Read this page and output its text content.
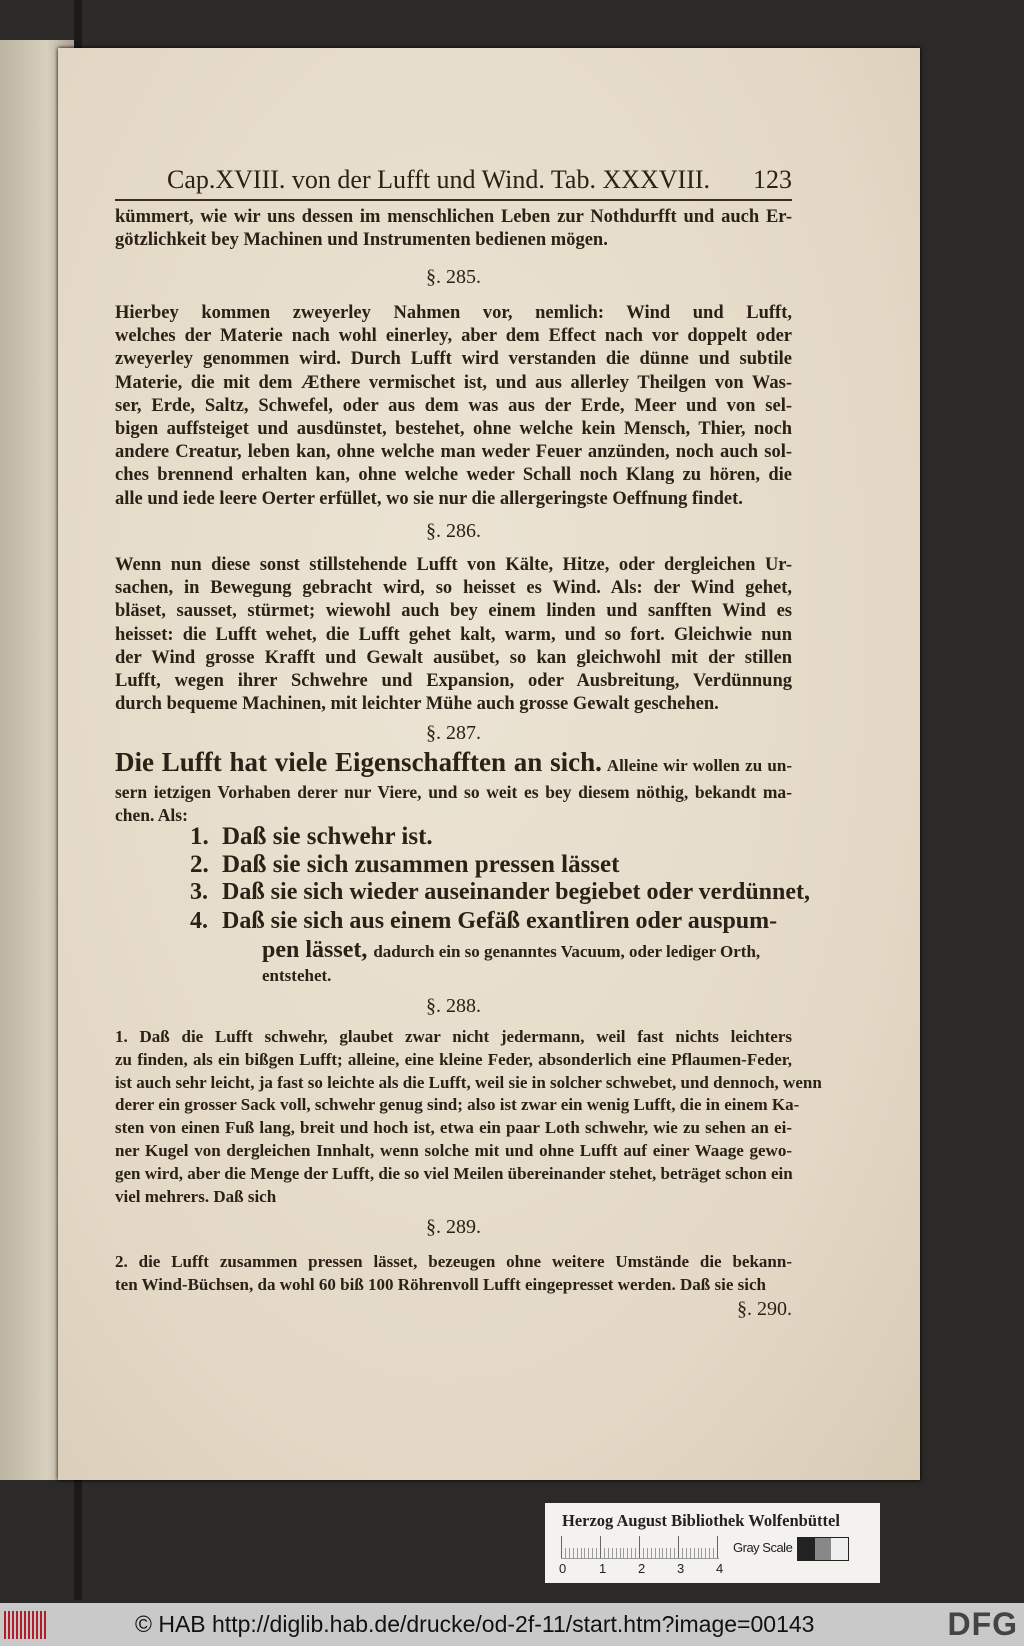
Cap.XVIII. von der Lufft und Wind. Tab. XXXVIII. 123
kümmert, wie wir uns dessen im menschlichen Leben zur Nothdurfft und auch Er-
götzlichkeit bey Machinen und Instrumenten bedienen mögen.
§. 285.
Hierbey kommen zweyerley Nahmen vor, nemlich: Wind und Lufft,
welches der Materie nach wohl einerley, aber dem Effect nach vor doppelt oder
zweyerley genommen wird. Durch Lufft wird verstanden die dünne und subtile
Materie, die mit dem Æthere vermischet ist, und aus allerley Theilgen von Was-
ser, Erde, Saltz, Schwefel, oder aus dem was aus der Erde, Meer und von sel-
bigen auffsteiget und ausdünstet, bestehet, ohne welche kein Mensch, Thier, noch
andere Creatur, leben kan, ohne welche man weder Feuer anzünden, noch auch sol-
ches brennend erhalten kan, ohne welche weder Schall noch Klang zu hören, die
alle und iede leere Oerter erfüllet, wo sie nur die allergeringste Oeffnung findet.
§. 286.
Wenn nun diese sonst stillstehende Lufft von Kälte, Hitze, oder dergleichen Ur-
sachen, in Bewegung gebracht wird, so heisset es Wind. Als: der Wind gehet,
bläset, sausset, stürmet; wiewohl auch bey einem linden und sanfften Wind es
heisset: die Lufft wehet, die Lufft gehet kalt, warm, und so fort. Gleichwie nun
der Wind grosse Krafft und Gewalt ausübet, so kan gleichwohl mit der stillen
Lufft, wegen ihrer Schwehre und Expansion, oder Ausbreitung, Verdünnung
durch bequeme Machinen, mit leichter Mühe auch grosse Gewalt geschehen.
§. 287.
Die Lufft hat viele Eigenschafften an sich. Alleine wir wollen zu un-
sern ietzigen Vorhaben derer nur Viere, und so weit es bey diesem nöthig, bekandt ma-
chen. Als:
1. Daß sie schwehr ist.
2. Daß sie sich zusammen pressen lässet
3. Daß sie sich wieder auseinander begiebet oder verdünnet,
4. Daß sie sich aus einem Gefäß exantliren oder auspum-
pen lässet, dadurch ein so genanntes Vacuum, oder lediger Orth,
entstehet.
§. 288.
1. Daß die Lufft schwehr, glaubet zwar nicht jedermann, weil fast nichts leichters
zu finden, als ein bißgen Lufft; alleine, eine kleine Feder, absonderlich eine Pflaumen-Feder,
ist auch sehr leicht, ja fast so leichte als die Lufft, weil sie in solcher schwebet, und dennoch, wenn
derer ein grosser Sack voll, schwehr genug sind; also ist zwar ein wenig Lufft, die in einem Ka-
sten von einen Fuß lang, breit und hoch ist, etwa ein paar Loth schwehr, wie zu sehen an ei-
ner Kugel von dergleichen Innhalt, wenn solche mit und ohne Lufft auf einer Waage gewo-
gen wird, aber die Menge der Lufft, die so viel Meilen übereinander stehet, beträget schon ein
viel mehrers. Daß sich
§. 289.
2. die Lufft zusammen pressen lässet, bezeugen ohne weitere Umstände die bekann-
ten Wind-Büchsen, da wohl 60 biß 100 Röhrenvoll Lufft eingepresset werden. Daß sie sich
§. 290.
Herzog August Bibliothek Wolfenbüttel
0	1 2 3 4
Gray Scale
© HAB http://diglib.hab.de/drucke/od-2f-11/start.htm?image=00143	DFG
